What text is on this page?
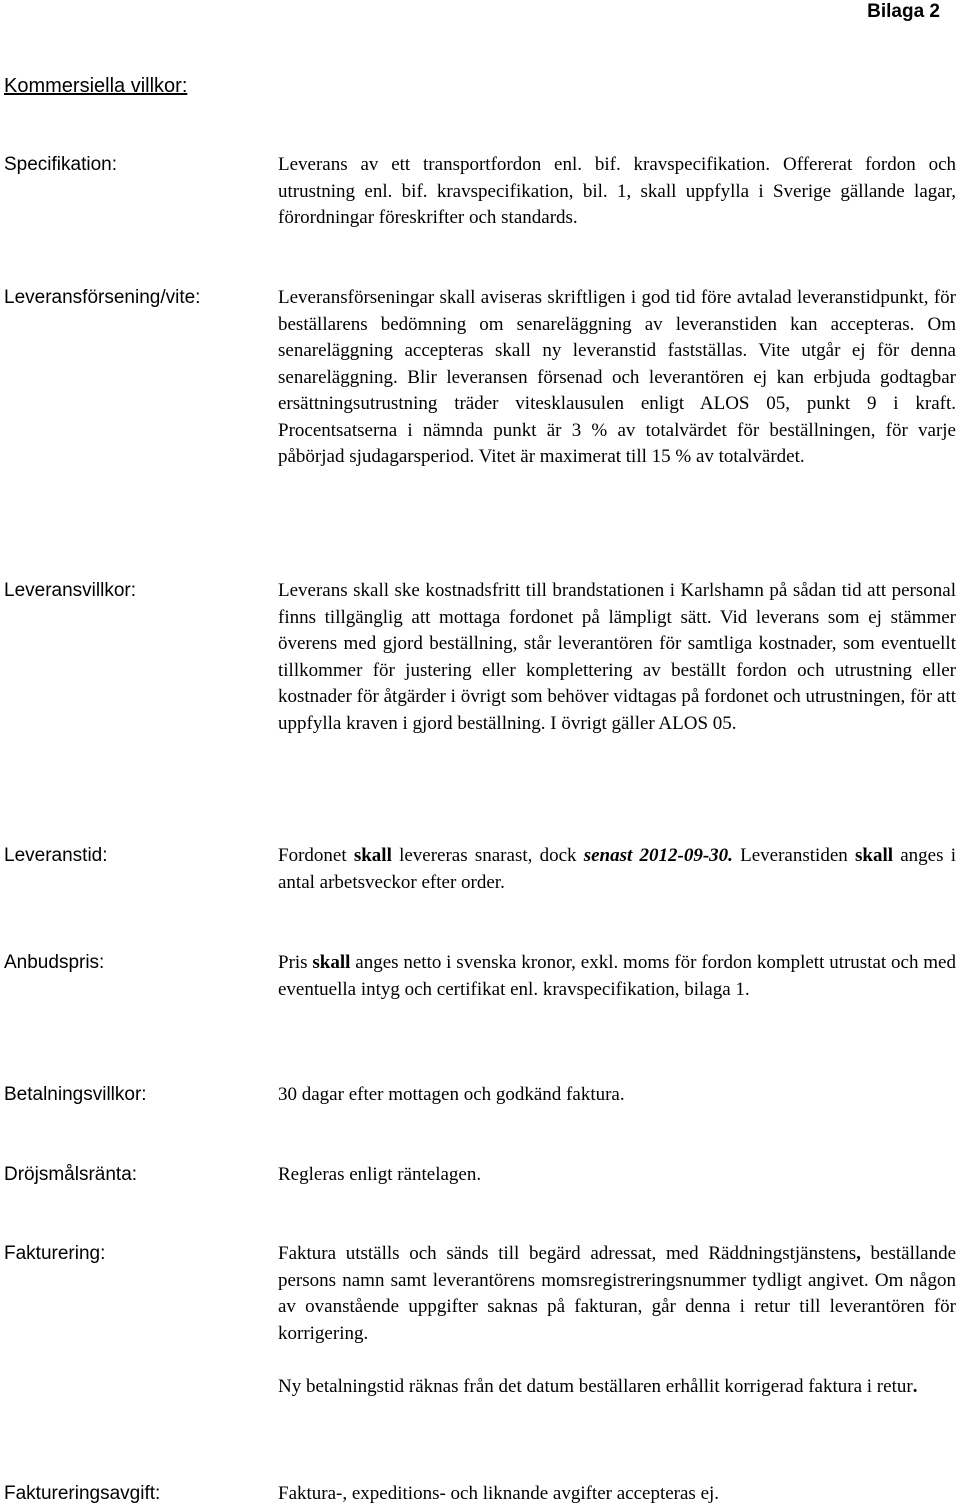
Bilaga 2
Kommersiella villkor:
Specifikation:	Leverans av ett transportfordon enl. bif. kravspecifikation. Offererat fordon och utrustning enl. bif. kravspecifikation, bil. 1, skall uppfylla i Sverige gällande lagar, förordningar föreskrifter och standards.

Leveransförsening/vite:	Leveransförseningar skall aviseras skriftligen i god tid före avtalad leveranstidpunkt, för beställarens bedömning om senareläggning av leveranstiden kan accepteras. Om senareläggning accepteras skall ny leveranstid fastställas. Vite utgår ej för denna senareläggning. Blir leveransen försenad och leverantören ej kan erbjuda godtagbar ersättningsutrustning träder vitesklausulen enligt ALOS 05, punkt 9 i kraft. Procentsatserna i nämnda punkt är 3 % av totalvärdet för beställningen, för varje påbörjad sjudagarsperiod. Vitet är maximerat till 15 % av totalvärdet.

Leveransvillkor:	Leverans skall ske kostnadsfritt till brandstationen i Karlshamn på sådan tid att personal finns tillgänglig att mottaga fordonet på lämpligt sätt. Vid leverans som ej stämmer överens med gjord beställning, står leverantören för samtliga kostnader, som eventuellt tillkommer för justering eller komplettering av beställt fordon och utrustning eller kostnader för åtgärder i övrigt som behöver vidtagas på fordonet och utrustningen, för att uppfylla kraven i gjord beställning. I övrigt gäller ALOS 05.

Leveranstid:	Fordonet skall levereras snarast, dock senast 2012-09-30. Leveranstiden skall anges i antal arbetsveckor efter order.

Anbudspris:	Pris skall anges netto i svenska kronor, exkl. moms för fordon komplett utrustat och med eventuella intyg och certifikat enl. kravspecifikation, bilaga 1.

Betalningsvillkor:	30 dagar efter mottagen och godkänd faktura.

Dröjsmålsränta:	Regleras enligt räntelagen.

Fakturering:	Faktura utställs och sänds till begärd adressat, med Räddningstjänstens, beställande persons namn samt leverantörens momsregistreringsnummer tydligt angivet. Om någon av ovanstående uppgifter saknas på fakturan, går denna i retur till leverantören för korrigering.

Ny betalningstid räknas från det datum beställaren erhållit korrigerad faktura i retur.

Faktureringsavgift:	Faktura-, expeditions- och liknande avgifter accepteras ej.
